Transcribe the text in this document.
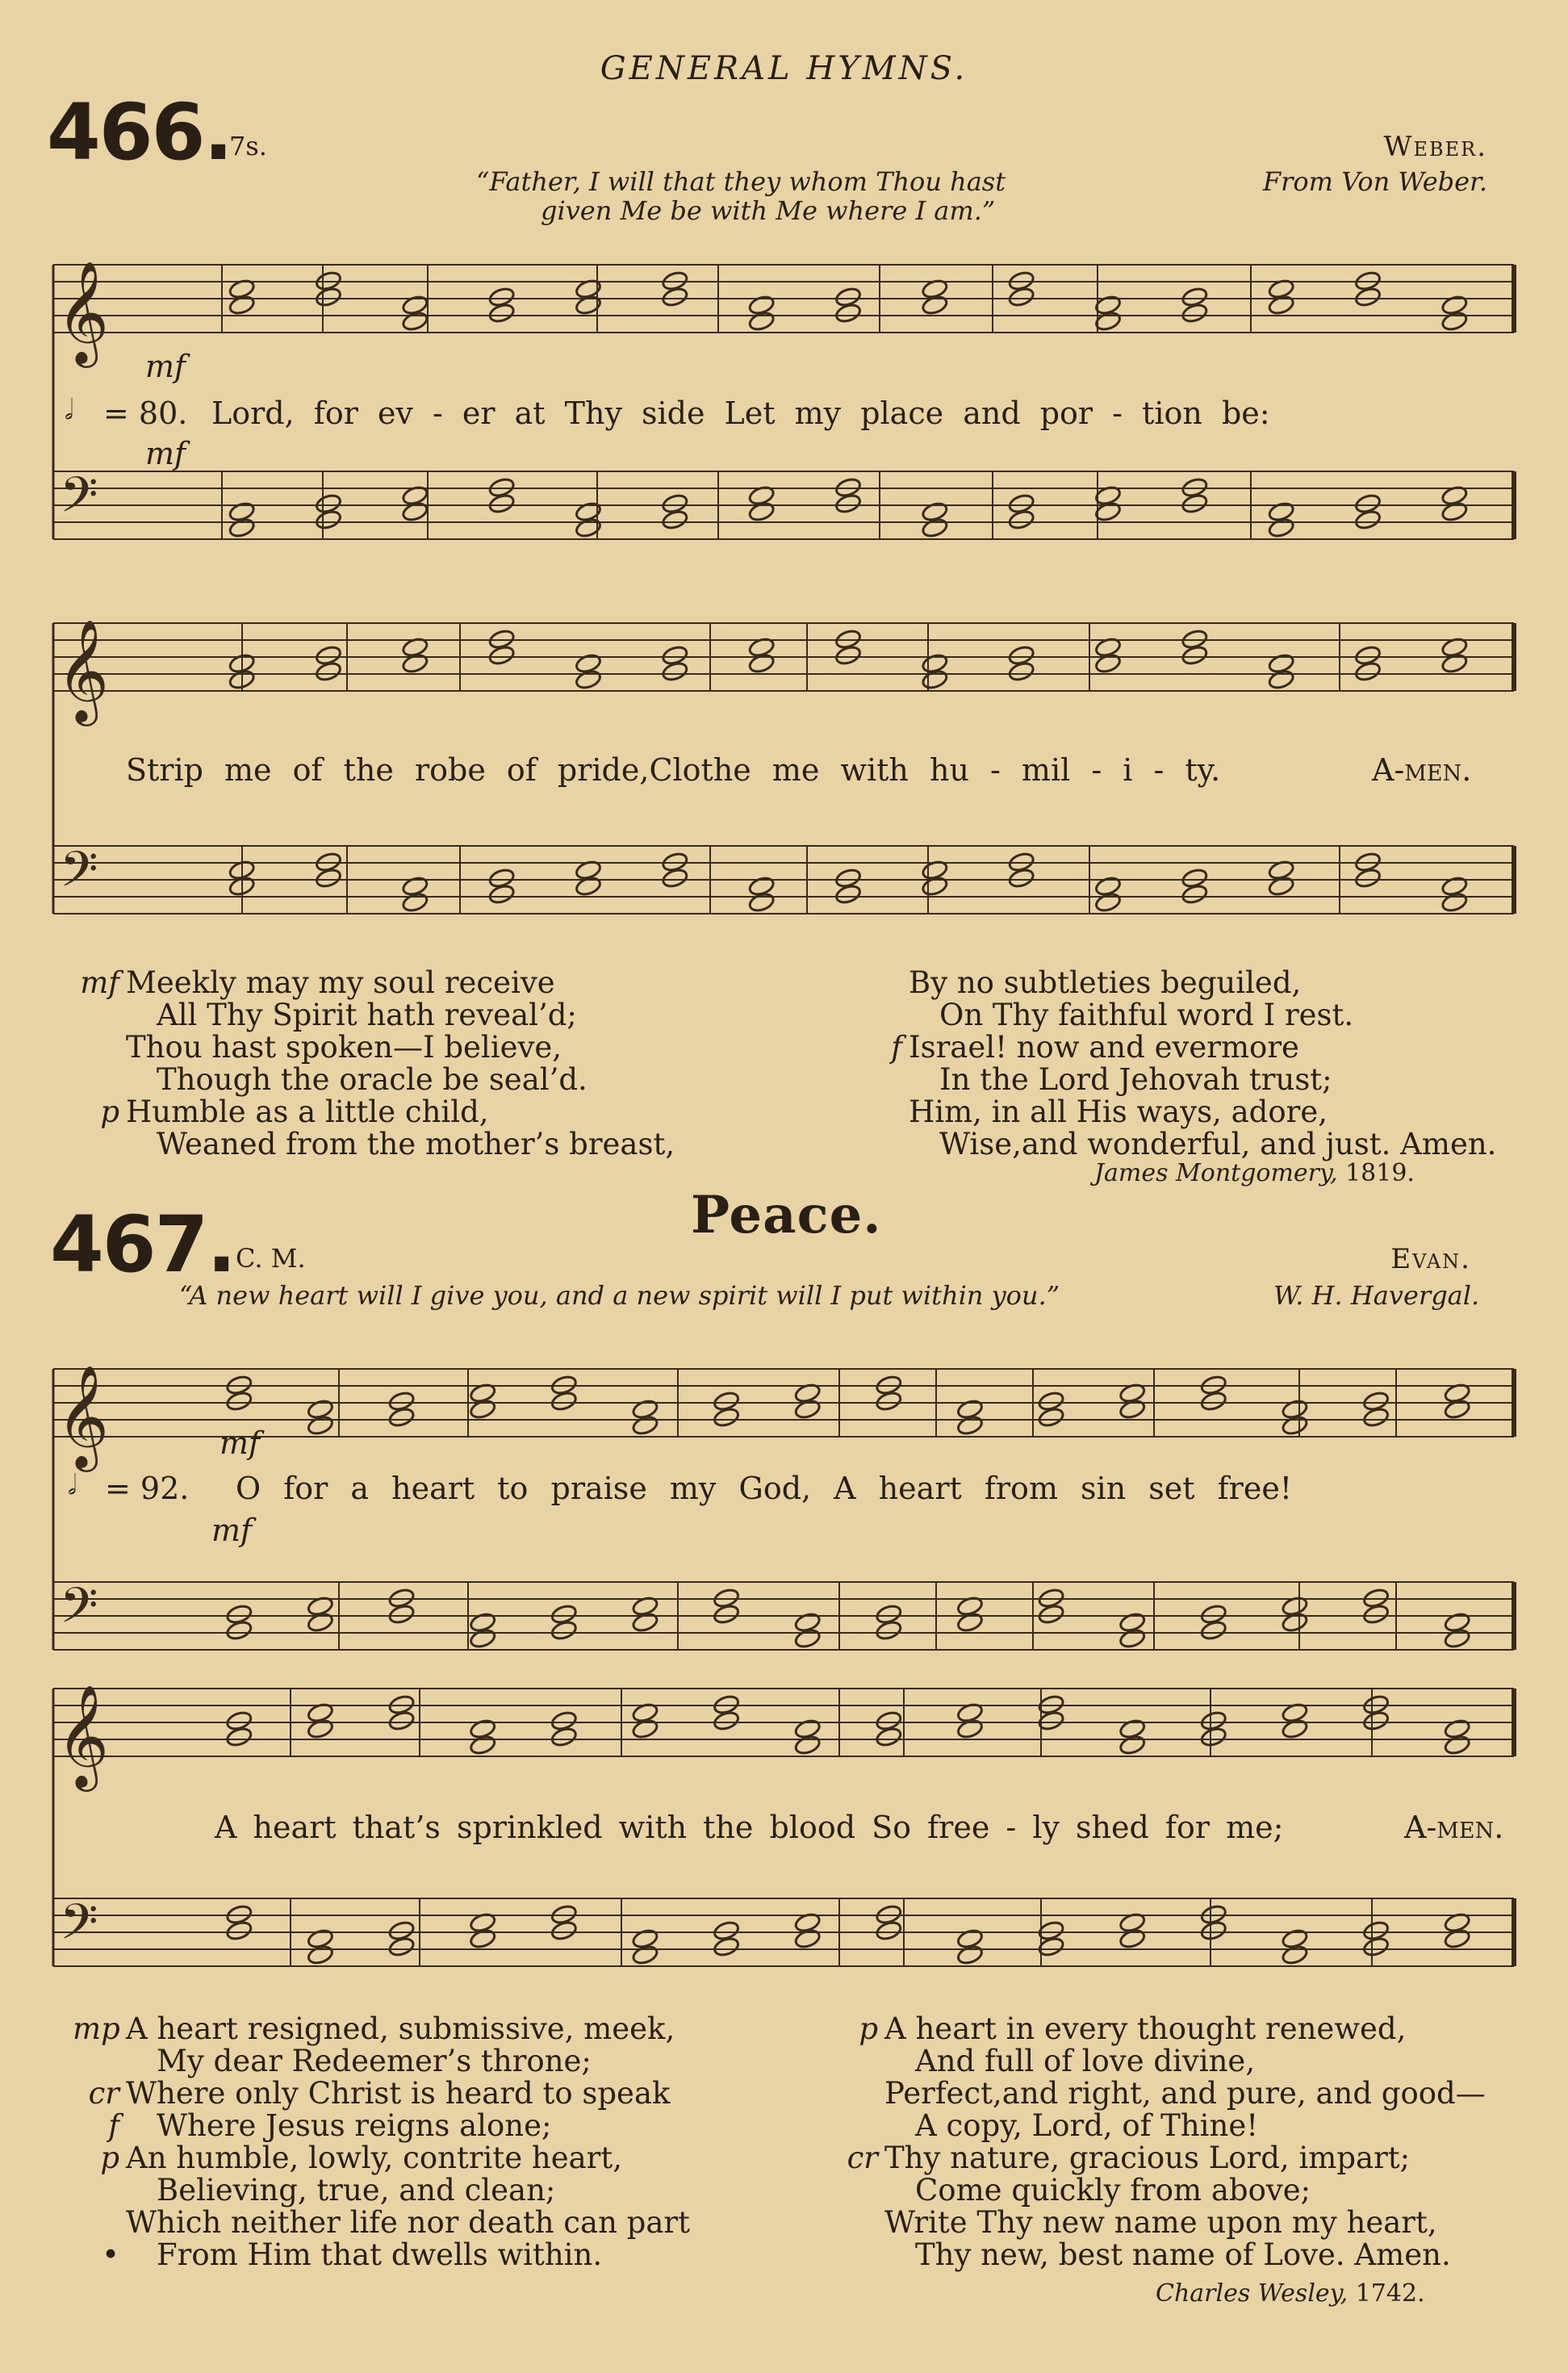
GENERAL HYMNS.
466.
7s.	Weber.
From Von Weber.
“Father, I will that they whom Thou hast
given Me be with Me where I am.”
mf
𝅗𝅥 = 80. Lord, for ev - er at Thy side Let my place and por - tion be:
mf
Strip me of the robe of pride,Clothe me with hu - mil - i - ty.	A-men.
𝄞
𝄢
𝄞
𝄢
𝄞
𝄢
𝄞
𝄢
mf Meekly may my soul receive
All Thy Spirit hath reveal’d;
Thou hast spoken—I believe,
Though the oracle be seal’d.
p Humble as a little child,
Weaned from the mother’s breast,
By no subtleties beguiled,
On Thy faithful word I rest.
f Israel! now and evermore
In the Lord Jehovah trust;
Him, in all His ways, adore,
Wise,and wonderful, and just. Amen.
James Montgomery, 1819.
467. C. M.
Peace.
Evan.
“A new heart will I give you, and a new spirit will I put within you.”	W. H. Havergal.
mf
𝅗𝅥 = 92. O for a heart to praise my God, A heart from sin set free!
mf
A heart that’s sprinkled with the blood So free - ly shed for me;	A-men.
mp A heart resigned, submissive, meek,
My dear Redeemer’s throne;
cr Where only Christ is heard to speak
f Where Jesus reigns alone;
p An humble, lowly, contrite heart,
Believing, true, and clean;
Which neither life nor death can part
• From Him that dwells within.
p A heart in every thought renewed,
And full of love divine,
Perfect,and right, and pure, and good—
A copy, Lord, of Thine!
cr Thy nature, gracious Lord, impart;
Come quickly from above;
Write Thy new name upon my heart,
Thy new, best name of Love. Amen.
Charles Wesley, 1742.
